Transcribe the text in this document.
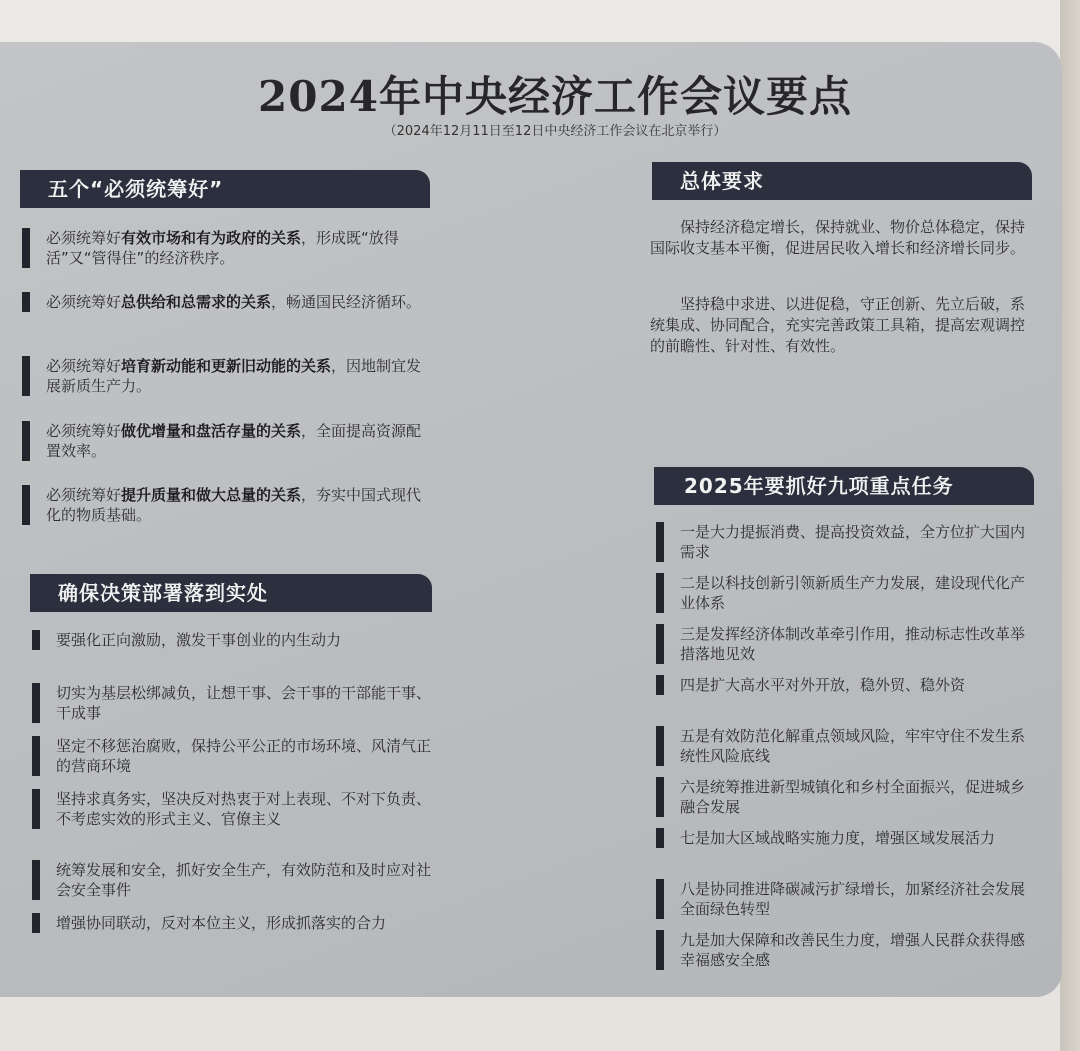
2024年中央经济工作会议要点
（2024年12月11日至12日中央经济工作会议在北京举行）
五个“必须统筹好”
必须统筹好有效市场和有为政府的关系，形成既“放得活”又“管得住”的经济秩序。
必须统筹好总供给和总需求的关系，畅通国民经济循环。
必须统筹好培育新动能和更新旧动能的关系，因地制宜发展新质生产力。
必须统筹好做优增量和盘活存量的关系，全面提高资源配置效率。
必须统筹好提升质量和做大总量的关系，夯实中国式现代化的物质基础。
确保决策部署落到实处
要强化正向激励，激发干事创业的内生动力
切实为基层松绑减负，让想干事、会干事的干部能干事、干成事
坚定不移惩治腐败，保持公平公正的市场环境、风清气正的营商环境
坚持求真务实，坚决反对热衷于对上表现、不对下负责、不考虑实效的形式主义、官僚主义
统筹发展和安全，抓好安全生产，有效防范和及时应对社会安全事件
增强协同联动，反对本位主义，形成抓落实的合力
总体要求
保持经济稳定增长，保持就业、物价总体稳定，保持国际收支基本平衡，促进居民收入增长和经济增长同步。
坚持稳中求进、以进促稳，守正创新、先立后破，系统集成、协同配合，充实完善政策工具箱，提高宏观调控的前瞻性、针对性、有效性。
2025年要抓好九项重点任务
一是大力提振消费、提高投资效益，全方位扩大国内需求
二是以科技创新引领新质生产力发展，建设现代化产业体系
三是发挥经济体制改革牵引作用，推动标志性改革举措落地见效
四是扩大高水平对外开放，稳外贸、稳外资
五是有效防范化解重点领域风险，牢牢守住不发生系统性风险底线
六是统筹推进新型城镇化和乡村全面振兴，促进城乡融合发展
七是加大区域战略实施力度，增强区域发展活力
八是协同推进降碳减污扩绿增长，加紧经济社会发展全面绿色转型
九是加大保障和改善民生力度，增强人民群众获得感幸福感安全感
